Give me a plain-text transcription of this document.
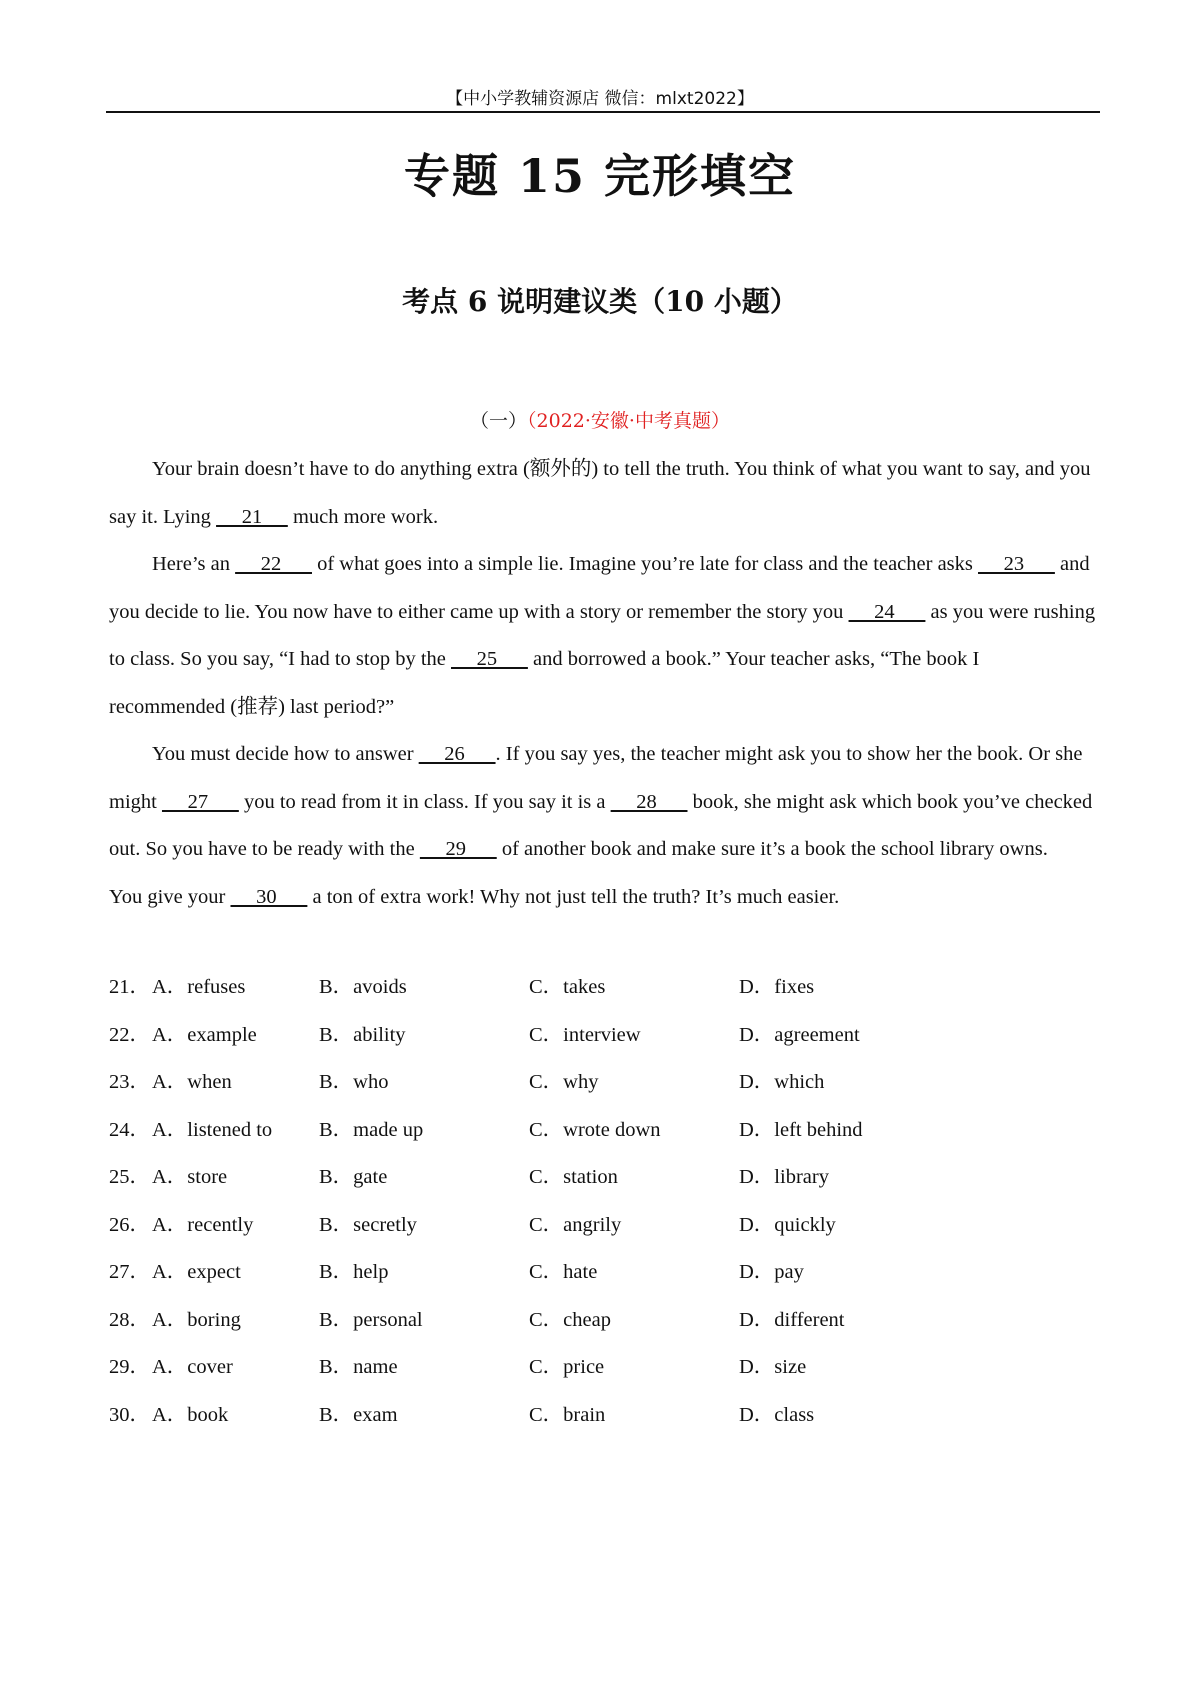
【中小学教辅资源店 微信：mlxt2022】
专题 15 完形填空
考点 6 说明建议类（10 小题）
（一）（2022·安徽·中考真题）

Your brain doesn’t have to do anything extra (额外的) to tell the truth. You think of what you want to say, and you say it. Lying      21      much more work.

Here’s an      22       of what goes into a simple lie. Imagine you’re late for class and the teacher asks      23       and you decide to lie. You now have to either came up with a story or remember the story you      24       as you were rushing to class. So you say, “I had to stop by the      25       and borrowed a book.” Your teacher asks, “The book I recommended (推荐) last period?”

You must decide how to answer      26      . If you say yes, the teacher might ask you to show her the book. Or she might      27       you to read from it in class. If you say it is a      28       book, she might ask which book you’ve checked out. So you have to be ready with the      29       of another book and make sure it’s a book the school library owns.

You give your      30       a ton of extra work! Why not just tell the truth? It’s much easier.

21． A．refuses	B．avoids	C．takes	D．fixes
22． A．example	B．ability	C．interview	D．agreement
23． A．when	B．who	C．why	D．which
24． A．listened to B．made up	C．wrote down	D．left behind
25． A．store	B．gate	C．station	D．library
26． A．recently	B．secretly	C．angrily	D．quickly
27． A．expect	B．help	C．hate	D．pay
28． A．boring	B．personal	C．cheap	D．different
29． A．cover	B．name	C．price	D．size
30． A．book	B．exam	C．brain	D．class
